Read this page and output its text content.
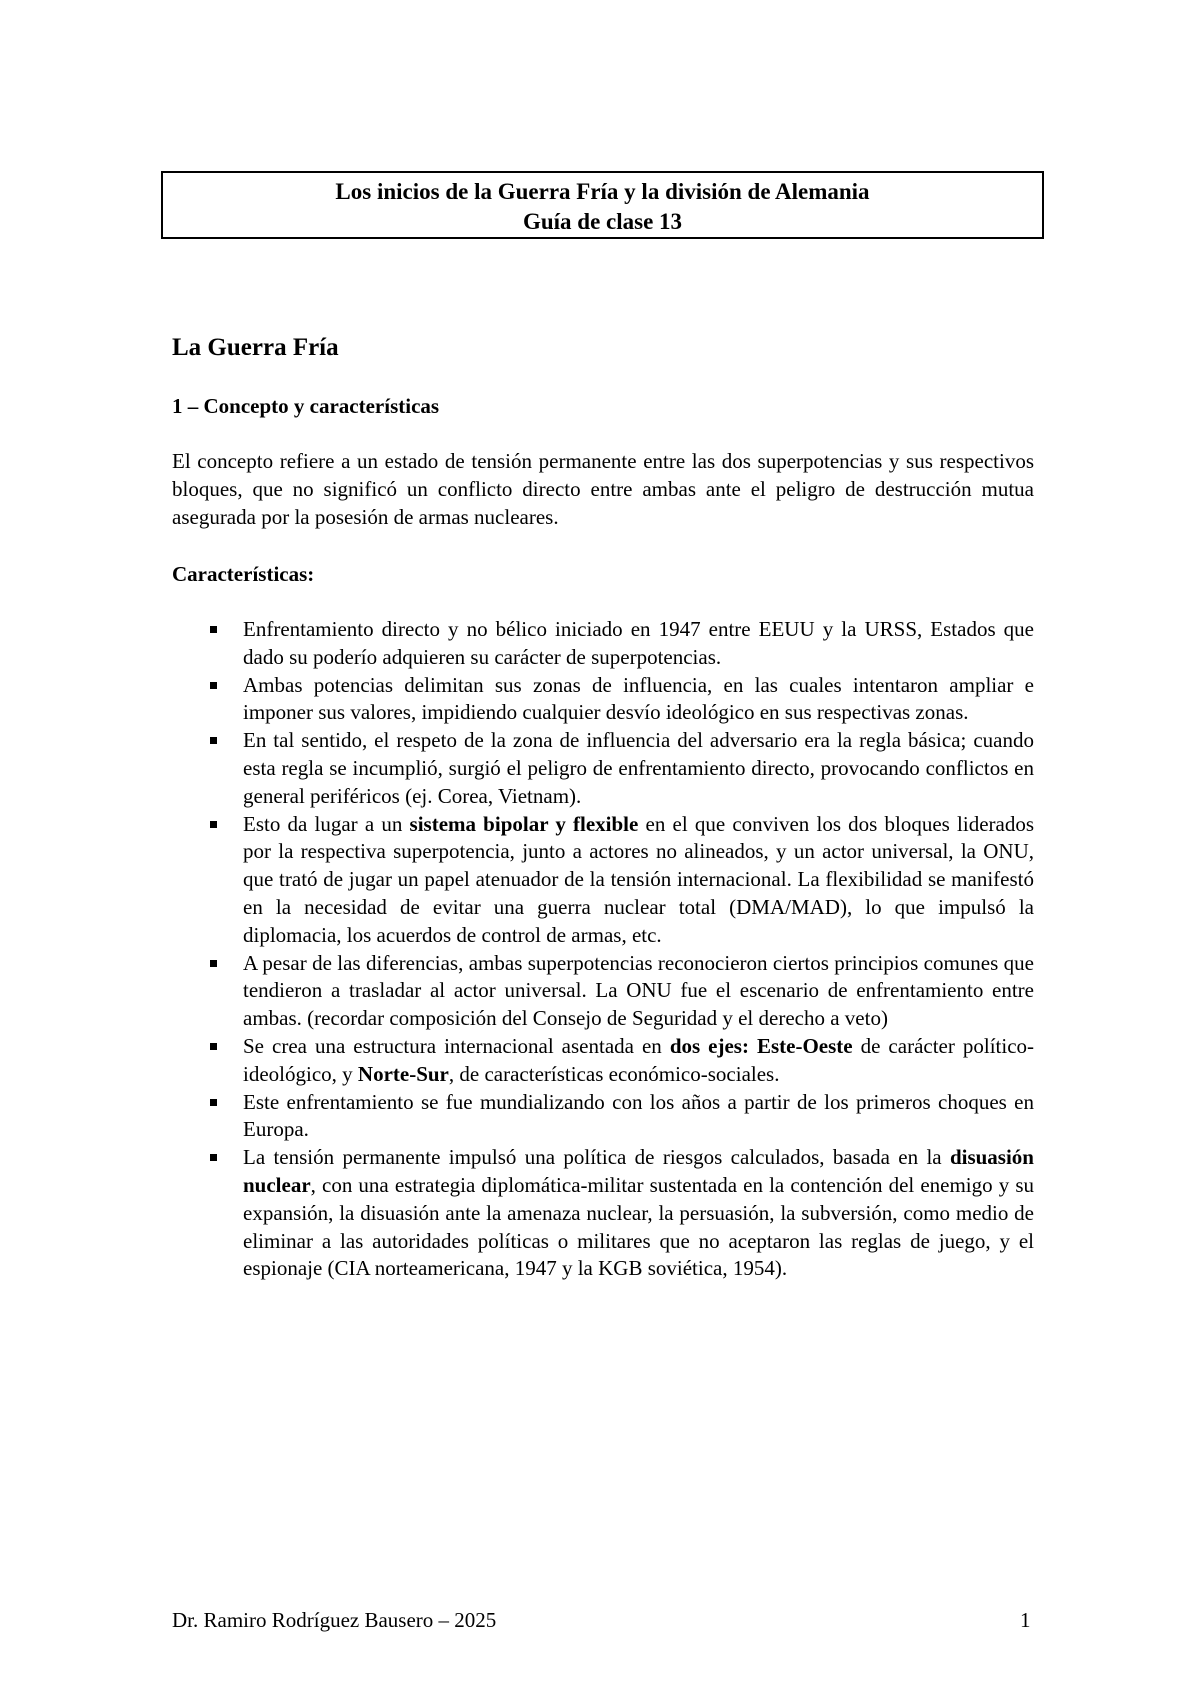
Los inicios de la Guerra Fría y la división de Alemania
Guía de clase 13
La Guerra Fría
1 – Concepto y características

El concepto refiere a un estado de tensión permanente entre las dos superpotencias y sus respectivos bloques, que no significó un conflicto directo entre ambas ante el peligro de destrucción mutua asegurada por la posesión de armas nucleares.

Características:
Enfrentamiento directo y no bélico iniciado en 1947 entre EEUU y la URSS, Estados que dado su poderío adquieren su carácter de superpotencias.
Ambas potencias delimitan sus zonas de influencia, en las cuales intentaron ampliar e imponer sus valores, impidiendo cualquier desvío ideológico en sus respectivas zonas.
En tal sentido, el respeto de la zona de influencia del adversario era la regla básica; cuando esta regla se incumplió, surgió el peligro de enfrentamiento directo, provocando conflictos en general periféricos (ej. Corea, Vietnam).
Esto da lugar a un sistema bipolar y flexible en el que conviven los dos bloques liderados por la respectiva superpotencia, junto a actores no alineados, y un actor universal, la ONU, que trató de jugar un papel atenuador de la tensión internacional. La flexibilidad se manifestó en la necesidad de evitar una guerra nuclear total (DMA/MAD), lo que impulsó la diplomacia, los acuerdos de control de armas, etc.
A pesar de las diferencias, ambas superpotencias reconocieron ciertos principios comunes que tendieron a trasladar al actor universal. La ONU fue el escenario de enfrentamiento entre ambas. (recordar composición del Consejo de Seguridad y el derecho a veto)
Se crea una estructura internacional asentada en dos ejes: Este-Oeste de carácter político-ideológico, y Norte-Sur, de características económico-sociales.
Este enfrentamiento se fue mundializando con los años a partir de los primeros choques en Europa.
La tensión permanente impulsó una política de riesgos calculados, basada en la disuasión nuclear, con una estrategia diplomática-militar sustentada en la contención del enemigo y su expansión, la disuasión ante la amenaza nuclear, la persuasión, la subversión, como medio de eliminar a las autoridades políticas o militares que no aceptaron las reglas de juego, y el espionaje (CIA norteamericana, 1947 y la KGB soviética, 1954).
Dr. Ramiro Rodríguez Bausero – 2025	1
